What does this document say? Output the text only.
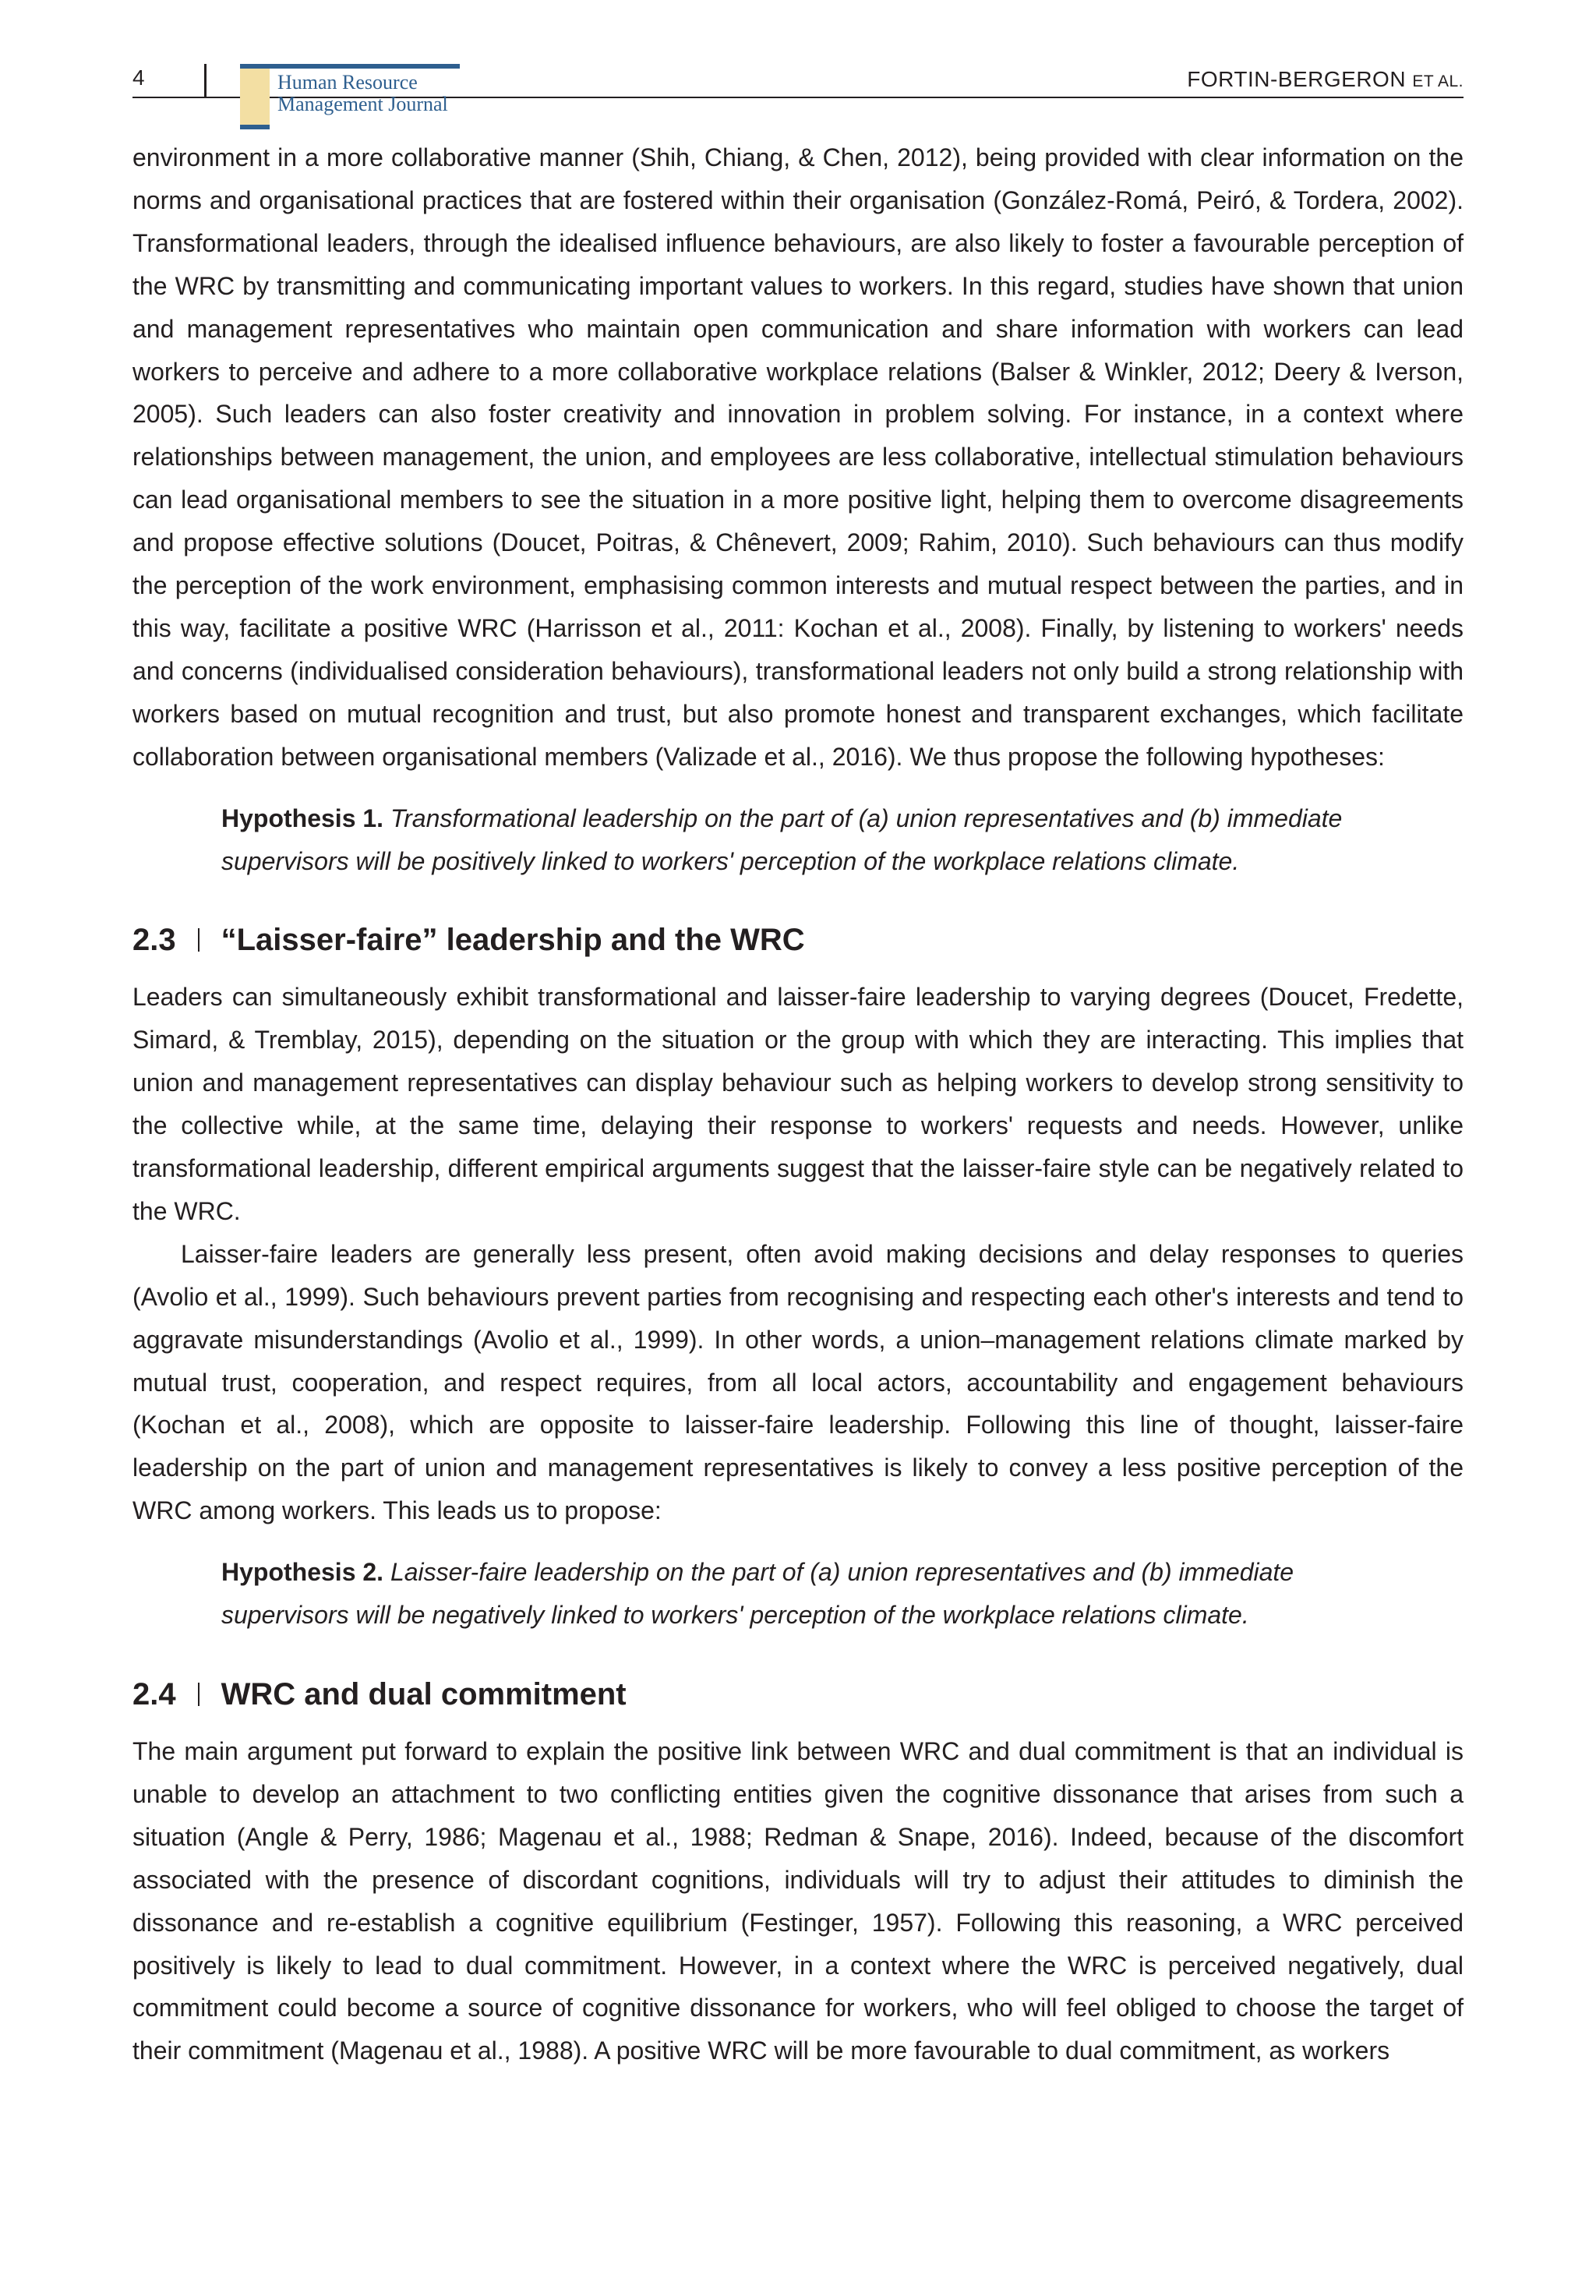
4	Human Resource
Management Journal
FORTIN-BERGERON ET AL.

environment in a more collaborative manner (Shih, Chiang, & Chen, 2012), being provided with clear information on the norms and organisational practices that are fostered within their organisation (González-Romá, Peiró, & Tordera, 2002). Transformational leaders, through the idealised influence behaviours, are also likely to foster a favourable perception of the WRC by transmitting and communicating important values to workers. In this regard, studies have shown that union and management representatives who maintain open communication and share information with workers can lead workers to perceive and adhere to a more collaborative workplace relations (Balser & Winkler, 2012; Deery & Iverson, 2005). Such leaders can also foster creativity and innovation in problem solving. For instance, in a context where relationships between management, the union, and employees are less collaborative, intellectual stimulation behaviours can lead organisational members to see the situation in a more positive light, helping them to overcome disagreements and propose effective solutions (Doucet, Poitras, & Chênevert, 2009; Rahim, 2010). Such behaviours can thus modify the perception of the work environment, emphasising common interests and mutual respect between the parties, and in this way, facilitate a positive WRC (Harrisson et al., 2011: Kochan et al., 2008). Finally, by listening to workers' needs and concerns (individualised consideration behaviours), transformational leaders not only build a strong relationship with workers based on mutual recognition and trust, but also promote honest and transparent exchanges, which facilitate collaboration between organisational members (Valizade et al., 2016). We thus propose the following hypotheses:

Hypothesis 1. Transformational leadership on the part of (a) union representatives and (b) immediate supervisors will be positively linked to workers' perception of the workplace relations climate.
2.3 “Laisser-faire” leadership and the WRC

Leaders can simultaneously exhibit transformational and laisser-faire leadership to varying degrees (Doucet, Fredette, Simard, & Tremblay, 2015), depending on the situation or the group with which they are interacting. This implies that union and management representatives can display behaviour such as helping workers to develop strong sensitivity to the collective while, at the same time, delaying their response to workers' requests and needs. However, unlike transformational leadership, different empirical arguments suggest that the laisser-faire style can be negatively related to the WRC.

Laisser-faire leaders are generally less present, often avoid making decisions and delay responses to queries (Avolio et al., 1999). Such behaviours prevent parties from recognising and respecting each other's interests and tend to aggravate misunderstandings (Avolio et al., 1999). In other words, a union–management relations climate marked by mutual trust, cooperation, and respect requires, from all local actors, accountability and engagement behaviours (Kochan et al., 2008), which are opposite to laisser-faire leadership. Following this line of thought, laisser-faire leadership on the part of union and management representatives is likely to convey a less positive perception of the WRC among workers. This leads us to propose:

Hypothesis 2. Laisser-faire leadership on the part of (a) union representatives and (b) immediate supervisors will be negatively linked to workers' perception of the workplace relations climate.
2.4 WRC and dual commitment

The main argument put forward to explain the positive link between WRC and dual commitment is that an individual is unable to develop an attachment to two conflicting entities given the cognitive dissonance that arises from such a situation (Angle & Perry, 1986; Magenau et al., 1988; Redman & Snape, 2016). Indeed, because of the discomfort associated with the presence of discordant cognitions, individuals will try to adjust their attitudes to diminish the dissonance and re-establish a cognitive equilibrium (Festinger, 1957). Following this reasoning, a WRC perceived positively is likely to lead to dual commitment. However, in a context where the WRC is perceived negatively, dual commitment could become a source of cognitive dissonance for workers, who will feel obliged to choose the target of their commitment (Magenau et al., 1988). A positive WRC will be more favourable to dual commitment, as workers
